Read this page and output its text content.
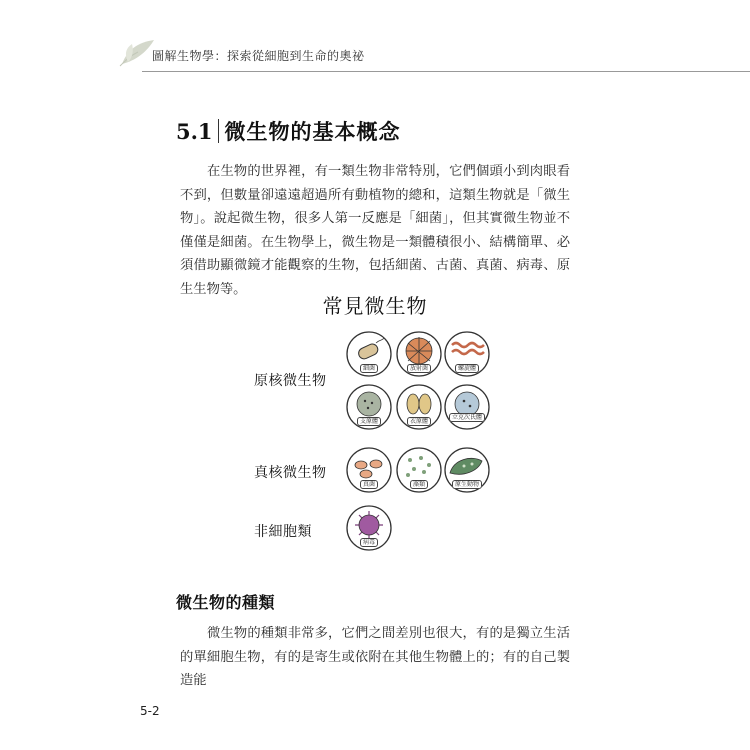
圖解生物學：探索從細胞到生命的奧祕
5.1 微生物的基本概念
在生物的世界裡，有一類生物非常特別，它們個頭小到肉眼看不到，但數量卻遠遠超過所有動植物的總和，這類生物就是「微生物」。說起微生物，很多人第一反應是「細菌」，但其實微生物並不僅僅是細菌。在生物學上，微生物是一類體積很小、結構簡單、必須借助顯微鏡才能觀察的生物，包括細菌、古菌、真菌、病毒、原生生物等。
常見微生物
原核微生物
真核微生物
非細胞類
細菌	放射菌	螺旋體
支原體	衣原體
立克次氏體
真菌	藻類	原生動物
病毒
微生物的種類
微生物的種類非常多，它們之間差別也很大，有的是獨立生活的單細胞生物，有的是寄生或依附在其他生物體上的；有的自己製造能
5-2
